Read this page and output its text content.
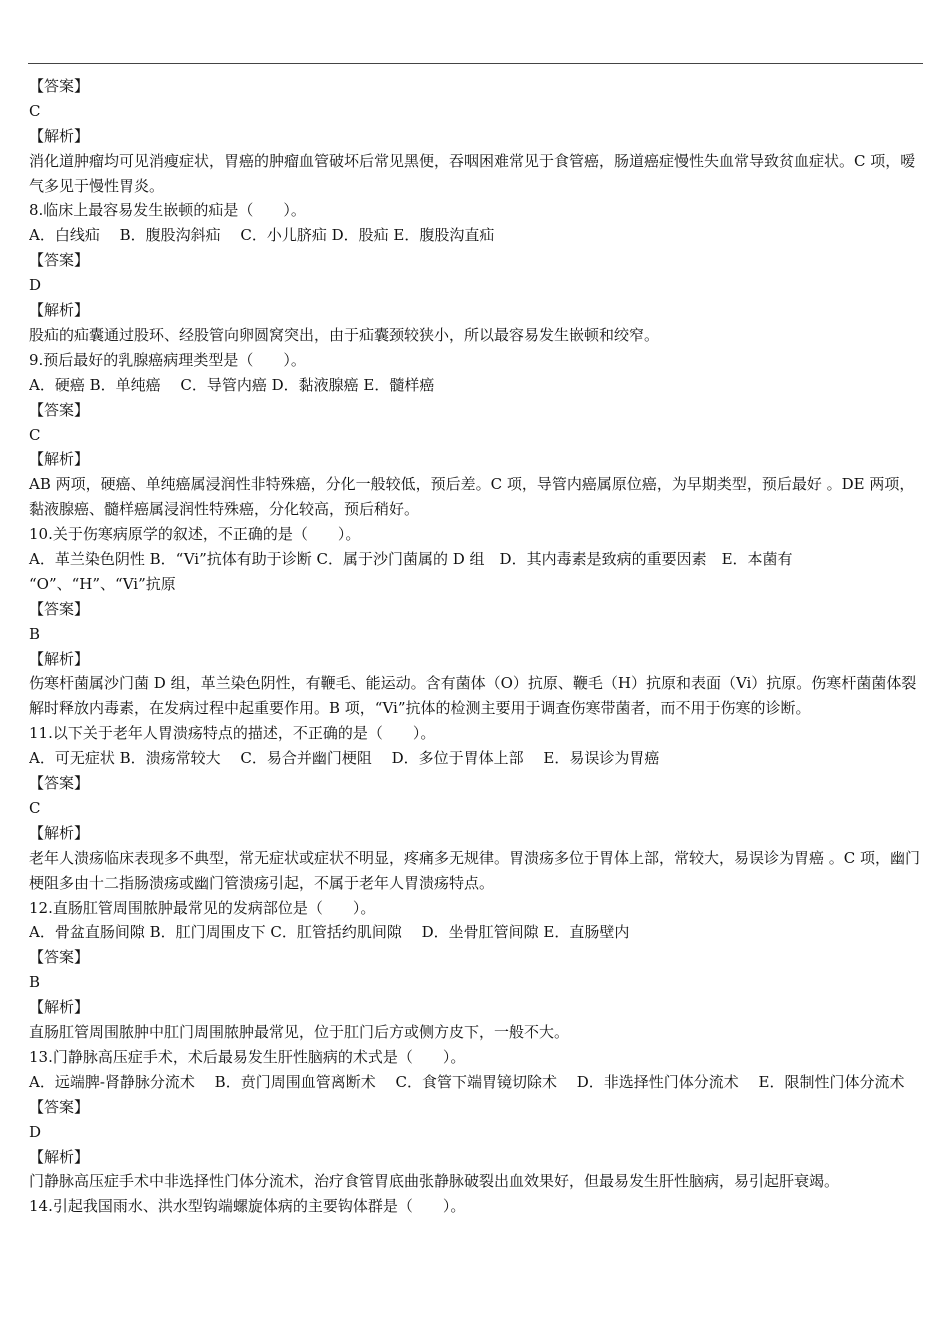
【答案】
C
【解析】
消化道肿瘤均可见消瘦症状，胃癌的肿瘤血管破坏后常见黑便，吞咽困难常见于食管癌，肠道癌症慢性失血常导致贫血症状。C 项，嗳气多见于慢性胃炎。
8.临床上最容易发生嵌顿的疝是（　　）。
A．白线疝　 B．腹股沟斜疝　 C．小儿脐疝 D．股疝 E．腹股沟直疝
【答案】
D
【解析】
股疝的疝囊通过股环、经股管向卵圆窝突出，由于疝囊颈较狭小，所以最容易发生嵌顿和绞窄。
9.预后最好的乳腺癌病理类型是（　　）。
A．硬癌 B．单纯癌　 C．导管内癌 D．黏液腺癌 E．髓样癌
【答案】
C
【解析】
AB 两项，硬癌、单纯癌属浸润性非特殊癌，分化一般较低，预后差。C 项，导管内癌属原位癌，为早期类型，预后最好 。DE 两项，黏液腺癌、髓样癌属浸润性特殊癌，分化较高，预后稍好。
10.关于伤寒病原学的叙述，不正确的是（　　）。
A．革兰染色阴性 B．“Vi”抗体有助于诊断 C．属于沙门菌属的 D 组　D．其内毒素是致病的重要因素　E．本菌有 “O”、“H”、“Vi”抗原
【答案】
B
【解析】
伤寒杆菌属沙门菌 D 组，革兰染色阴性，有鞭毛、能运动。含有菌体（O）抗原、鞭毛（H）抗原和表面（Vi）抗原。伤寒杆菌菌体裂解时释放内毒素，在发病过程中起重要作用。B 项，“Vi”抗体的检测主要用于调查伤寒带菌者，而不用于伤寒的诊断。
11.以下关于老年人胃溃疡特点的描述，不正确的是（　　）。
A．可无症状 B．溃疡常较大　 C．易合并幽门梗阻　 D．多位于胃体上部　 E．易误诊为胃癌
【答案】
C
【解析】
老年人溃疡临床表现多不典型，常无症状或症状不明显，疼痛多无规律。胃溃疡多位于胃体上部，常较大，易误诊为胃癌 。C 项，幽门梗阻多由十二指肠溃疡或幽门管溃疡引起，不属于老年人胃溃疡特点。
12.直肠肛管周围脓肿最常见的发病部位是（　　）。
A．骨盆直肠间隙 B．肛门周围皮下 C．肛管括约肌间隙　 D．坐骨肛管间隙 E．直肠壁内
【答案】
B
【解析】
直肠肛管周围脓肿中肛门周围脓肿最常见，位于肛门后方或侧方皮下，一般不大。
13.门静脉高压症手术，术后最易发生肝性脑病的术式是（　　）。
A．远端脾-肾静脉分流术　 B．贲门周围血管离断术　 C．食管下端胃镜切除术　 D．非选择性门体分流术　 E．限制性门体分流术
【答案】
D
【解析】
门静脉高压症手术中非选择性门体分流术，治疗食管胃底曲张静脉破裂出血效果好，但最易发生肝性脑病，易引起肝衰竭。
14.引起我国雨水、洪水型钩端螺旋体病的主要钩体群是（　　）。
